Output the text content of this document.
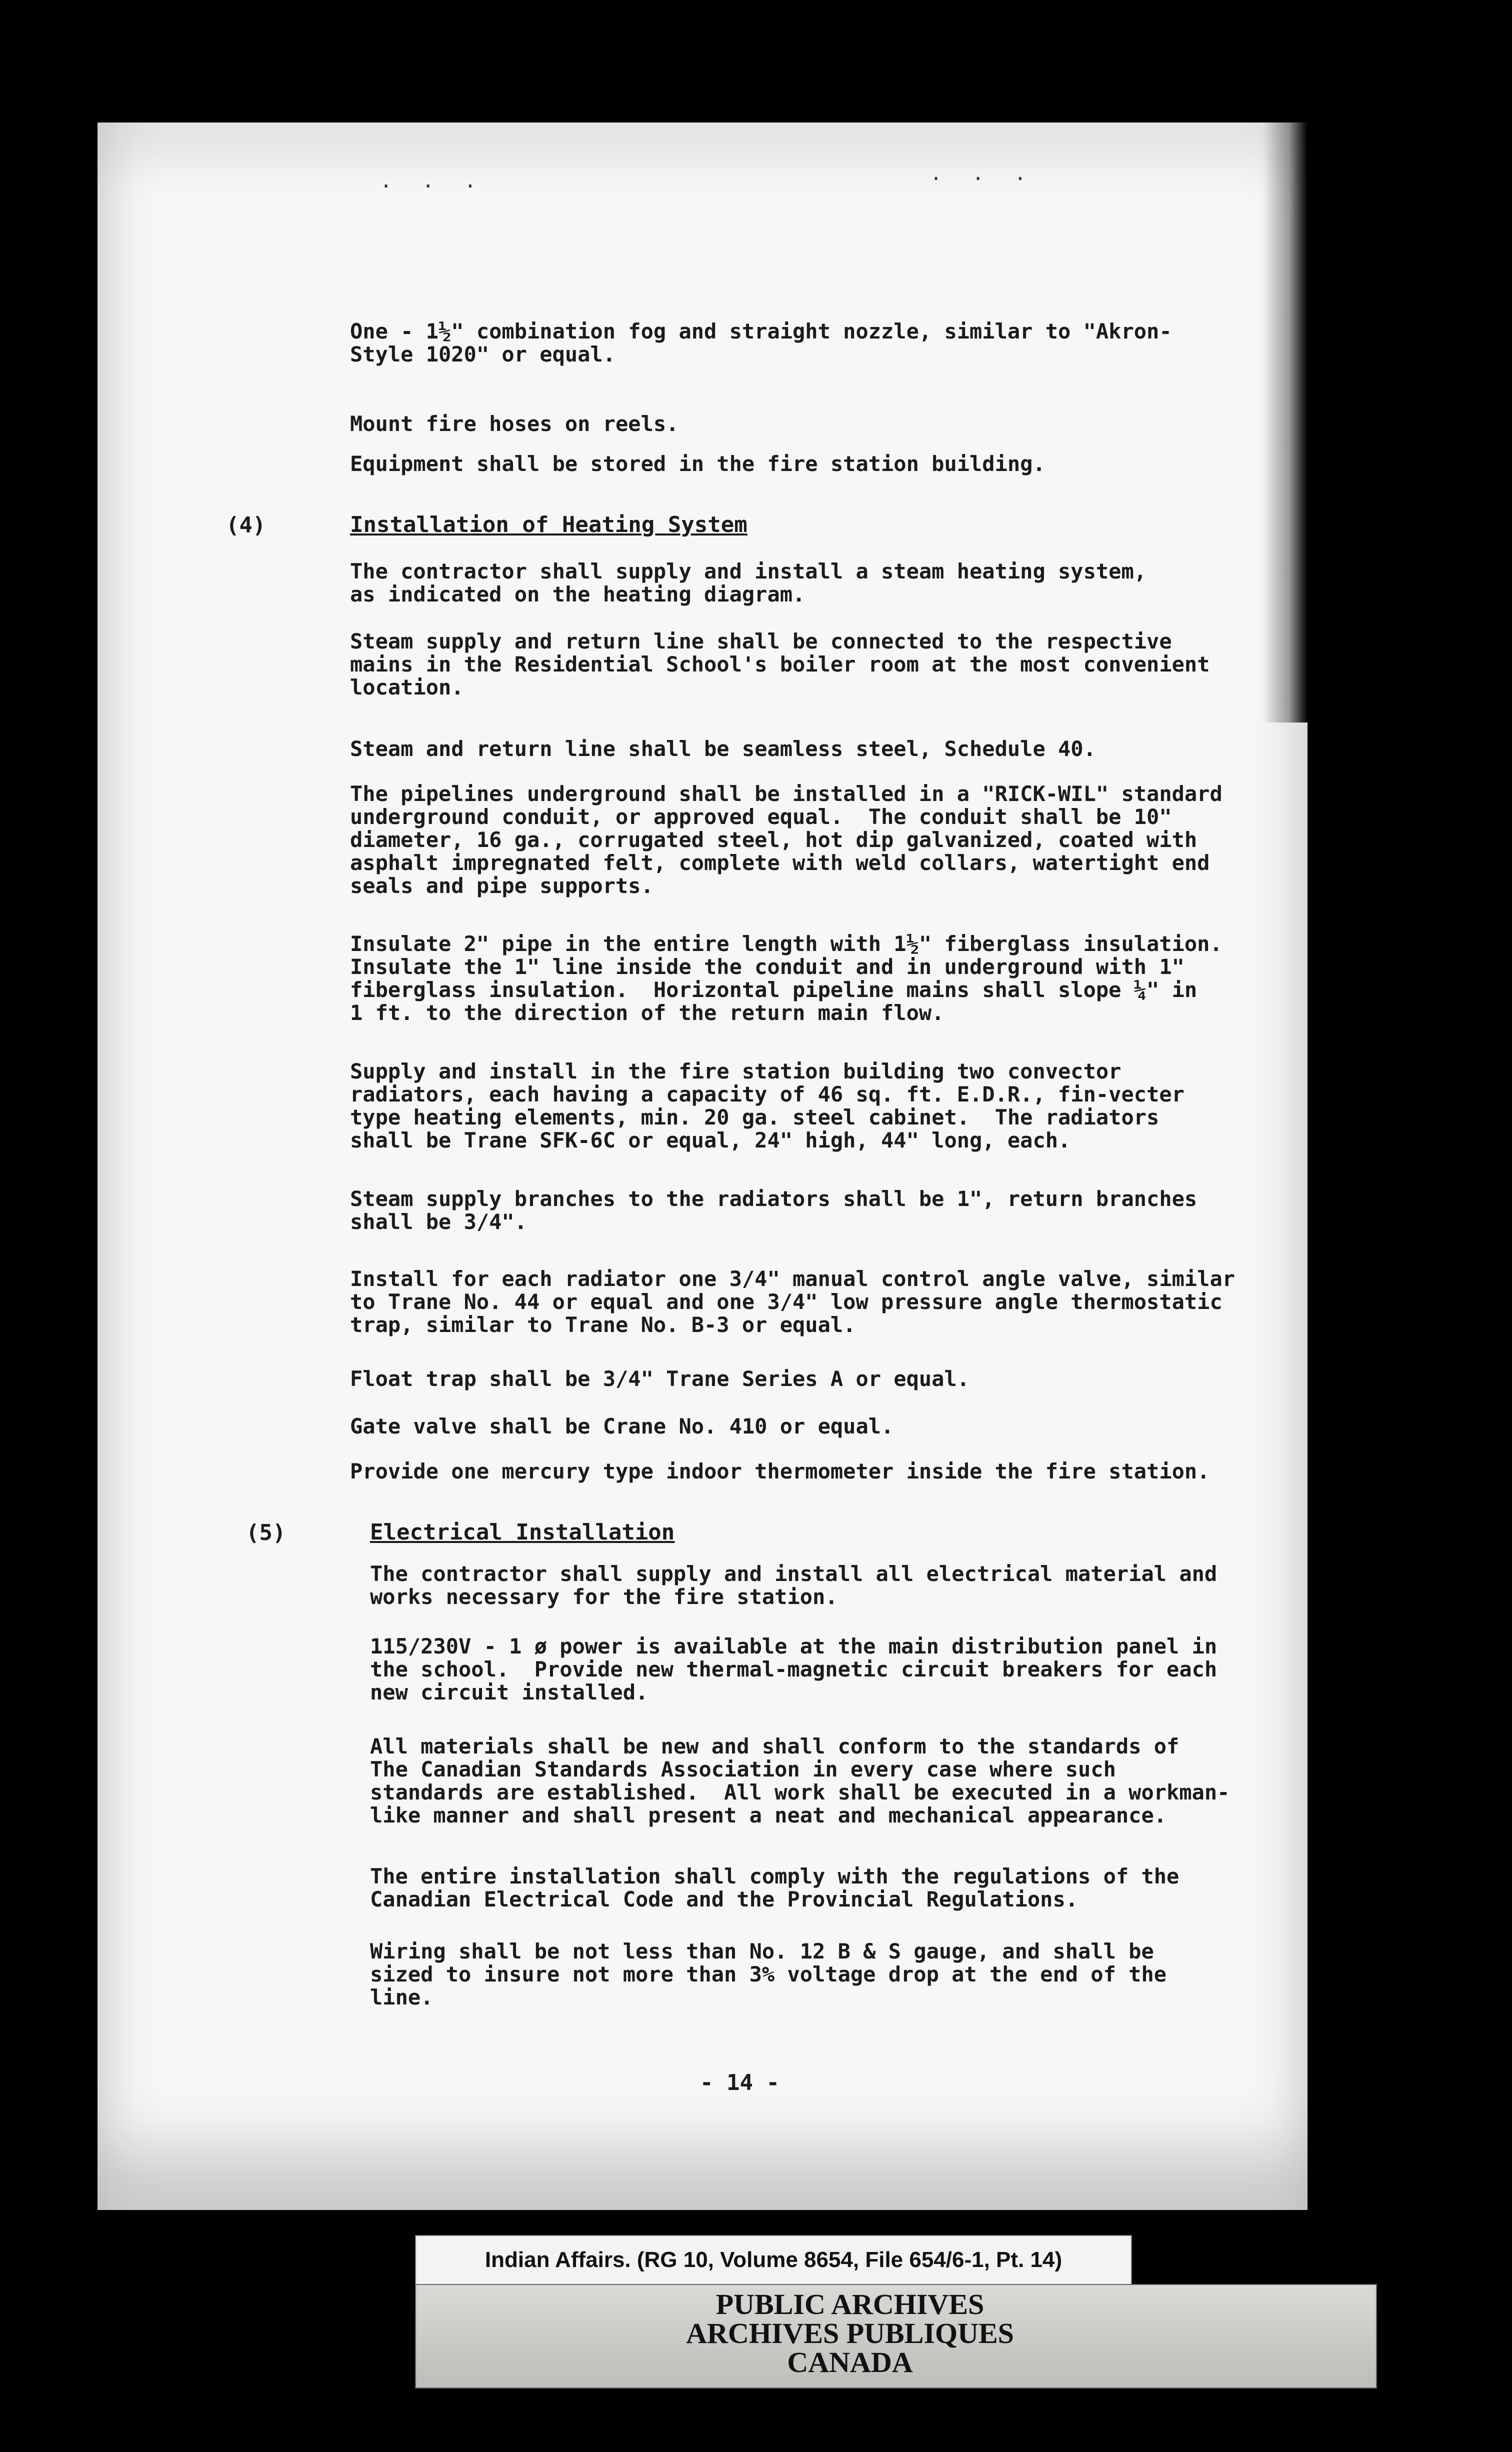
· · ·	· · ·

One - 1½" combination fog and straight nozzle, similar to "Akron-
Style 1020" or equal.

Mount fire hoses on reels.

Equipment shall be stored in the fire station building.

(4)	Installation of Heating System

The contractor shall supply and install a steam heating system,
as indicated on the heating diagram.

Steam supply and return line shall be connected to the respective
mains in the Residential School's boiler room at the most convenient
location.

Steam and return line shall be seamless steel, Schedule 40.

The pipelines underground shall be installed in a "RICK-WIL" standard
underground conduit, or approved equal.  The conduit shall be 10"
diameter, 16 ga., corrugated steel, hot dip galvanized, coated with
asphalt impregnated felt, complete with weld collars, watertight end
seals and pipe supports.

Insulate 2" pipe in the entire length with 1½" fiberglass insulation.
Insulate the 1" line inside the conduit and in underground with 1"
fiberglass insulation.  Horizontal pipeline mains shall slope ¼" in
1 ft. to the direction of the return main flow.

Supply and install in the fire station building two convector
radiators, each having a capacity of 46 sq. ft. E.D.R., fin-vecter
type heating elements, min. 20 ga. steel cabinet.  The radiators
shall be Trane SFK-6C or equal, 24" high, 44" long, each.

Steam supply branches to the radiators shall be 1", return branches
shall be 3/4".

Install for each radiator one 3/4" manual control angle valve, similar
to Trane No. 44 or equal and one 3/4" low pressure angle thermostatic
trap, similar to Trane No. B-3 or equal.

Float trap shall be 3/4" Trane Series A or equal.

Gate valve shall be Crane No. 410 or equal.

Provide one mercury type indoor thermometer inside the fire station.

(5)	Electrical Installation

The contractor shall supply and install all electrical material and
works necessary for the fire station.

115/230V - 1 ø power is available at the main distribution panel in
the school.  Provide new thermal-magnetic circuit breakers for each
new circuit installed.

All materials shall be new and shall conform to the standards of
The Canadian Standards Association in every case where such
standards are established.  All work shall be executed in a workman-
like manner and shall present a neat and mechanical appearance.

The entire installation shall comply with the regulations of the
Canadian Electrical Code and the Provincial Regulations.

Wiring shall be not less than No. 12 B & S gauge, and shall be
sized to insure not more than 3% voltage drop at the end of the
line.

- 14 -
Indian Affairs. (RG 10, Volume 8654, File 654/6-1, Pt. 14)
PUBLIC ARCHIVES
ARCHIVES PUBLIQUES
CANADA
